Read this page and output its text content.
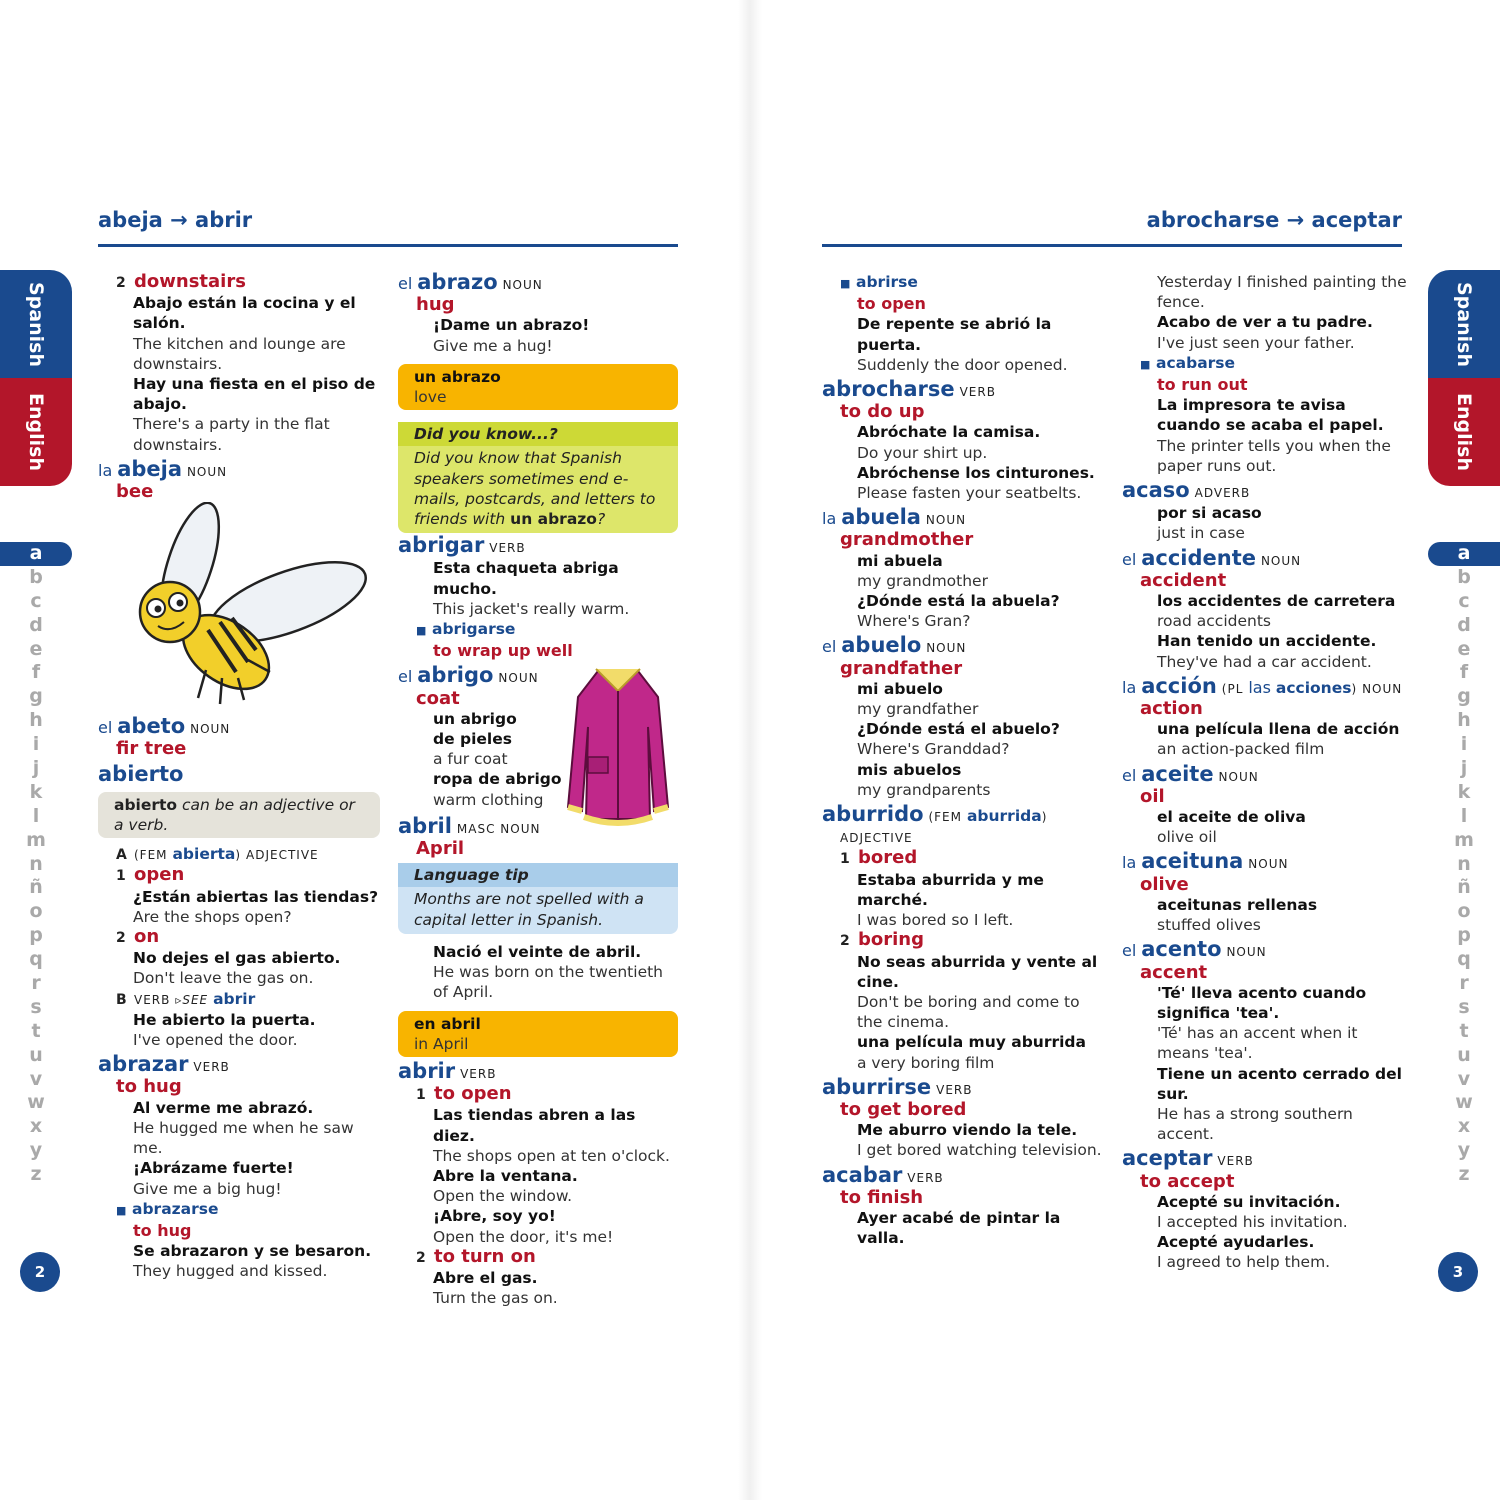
abeja → abrir
Spanish
English
a
b
c
d
e
f
g
h
i
j
k
l
m
n
ñ
o
p
q
r
s
t
u
v
w
x
y
z
2

2 downstairs

Abajo están la cocina y el salón.

The kitchen and lounge are downstairs.

Hay una fiesta en el piso de abajo.

There's a party in the flat downstairs.

la abeja NOUN

bee

el abeto NOUN

fir tree

abierto

abierto can be an adjective or a verb.

A (FEM abierta) ADJECTIVE

1 open

¿Están abiertas las tiendas?

Are the shops open?

2 on

No dejes el gas abierto.

Don't leave the gas on.

B VERB ▹SEE abrir

He abierto la puerta.

I've opened the door.

abrazar VERB

to hug

Al verme me abrazó.

He hugged me when he saw me.

¡Abrázame fuerte!

Give me a big hug!

■ abrazarse

to hug

Se abrazaron y se besaron.

They hugged and kissed.

el abrazo NOUN

hug

¡Dame un abrazo!

Give me a hug!

un abrazo

love

Did you know...?

Did you know that Spanish speakers sometimes end e-mails, postcards, and letters to friends with un abrazo?

abrigar VERB

Esta chaqueta abriga mucho.

This jacket's really warm.

■ abrigarse

to wrap up well

el abrigo NOUN

coat

un abrigo de pieles

a fur coat

ropa de abrigo

warm clothing

abril MASC NOUN

April

Language tip

Months are not spelled with a capital letter in Spanish.

Nació el veinte de abril.

He was born on the twentieth of April.

en abril

in April

abrir VERB

1 to open

Las tiendas abren a las diez.

The shops open at ten o'clock.

Abre la ventana.

Open the window.

¡Abre, soy yo!

Open the door, it's me!

2 to turn on

Abre el gas.

Turn the gas on.

abrocharse → aceptar
Spanish
English
a
b
c
d
e
f
g
h
i
j
k
l
m
n
ñ
o
p
q
r
s
t
u
v
w
x
y
z
3

■ abrirse

to open

De repente se abrió la puerta.

Suddenly the door opened.

abrocharse VERB

to do up

Abróchate la camisa.

Do your shirt up.

Abróchense los cinturones.

Please fasten your seatbelts.

la abuela NOUN

grandmother

mi abuela

my grandmother

¿Dónde está la abuela?

Where's Gran?

el abuelo NOUN

grandfather

mi abuelo

my grandfather

¿Dónde está el abuelo?

Where's Granddad?

mis abuelos

my grandparents

aburrido (FEM aburrida)

ADJECTIVE

1 bored

Estaba aburrida y me marché.

I was bored so I left.

2 boring

No seas aburrida y vente al cine.

Don't be boring and come to the cinema.

una película muy aburrida

a very boring film

aburrirse VERB

to get bored

Me aburro viendo la tele.

I get bored watching television.

acabar VERB

to finish

Ayer acabé de pintar la valla.

Yesterday I finished painting the fence.

Acabo de ver a tu padre.

I've just seen your father.

■ acabarse

to run out

La impresora te avisa cuando se acaba el papel.

The printer tells you when the paper runs out.

acaso ADVERB

por si acaso

just in case

el accidente NOUN

accident

los accidentes de carretera

road accidents

Han tenido un accidente.

They've had a car accident.

la acción (PL las acciones) NOUN

action

una película llena de acción

an action-packed film

el aceite NOUN

oil

el aceite de oliva

olive oil

la aceituna NOUN

olive

aceitunas rellenas

stuffed olives

el acento NOUN

accent

'Té' lleva acento cuando significa 'tea'.

'Té' has an accent when it means 'tea'.

Tiene un acento cerrado del sur.

He has a strong southern accent.

aceptar VERB

to accept

Acepté su invitación.

I accepted his invitation.

Acepté ayudarles.

I agreed to help them.
